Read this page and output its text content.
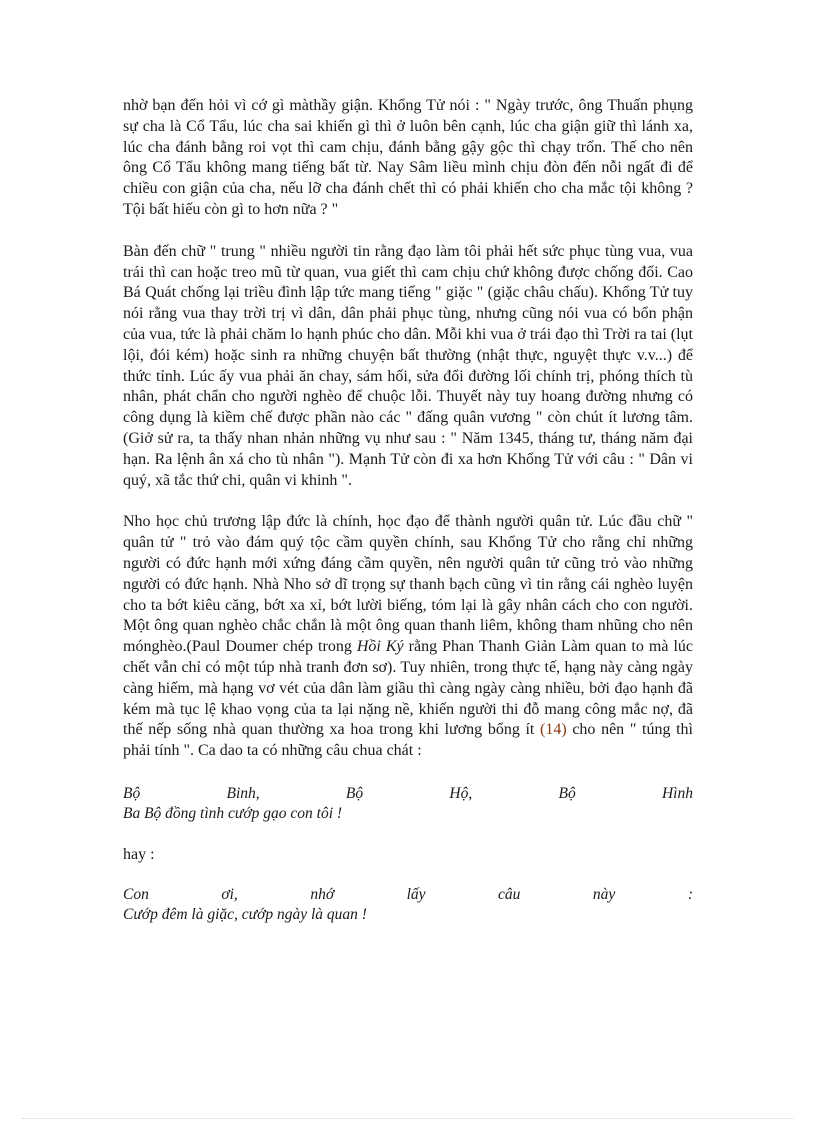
nhờ bạn đến hỏi vì cớ gì màthầy giận. Khổng Tử nói : " Ngày trước, ông Thuấn phụng sự cha là Cổ Tẩu, lúc cha sai khiến gì thì ở luôn bên cạnh, lúc cha giận giữ thì lánh xa, lúc cha đánh bằng roi vọt thì cam chịu, đánh bằng gậy gộc thì chạy trốn. Thế cho nên ông Cổ Tẩu không mang tiếng bất từ. Nay Sâm liều mình chịu đòn đến nỗi ngất đi để chiều con giận của cha, nếu lỡ cha đánh chết thì có phải khiến cho cha mắc tội không ? Tội bất hiếu còn gì to hơn nữa ? "

Bàn đến chữ " trung " nhiều người tin rằng đạo làm tôi phải hết sức phục tùng vua, vua trái thì can hoặc treo mũ từ quan, vua giết thì cam chịu chứ không được chống đối. Cao Bá Quát chống lại triều đình lập tức mang tiếng " giặc " (giặc châu chấu). Khổng Tử tuy nói rằng vua thay trời trị vì dân, dân phải phục tùng, nhưng cũng nói vua có bổn phận của vua, tức là phải chăm lo hạnh phúc cho dân. Mỗi khi vua ở trái đạo thì Trời ra tai (lụt lội, đói kém) hoặc sinh ra những chuyện bất thường (nhật thực, nguyệt thực v.v...) để thức tỉnh. Lúc ấy vua phải ăn chay, sám hối, sửa đổi đường lối chính trị, phóng thích tù nhân, phát chẩn cho người nghèo để chuộc lỗi. Thuyết này tuy hoang đường nhưng có công dụng là kiềm chế được phần nào các " đấng quân vương " còn chút ít lương tâm. (Giở sử ra, ta thấy nhan nhản những vụ như sau : " Năm 1345, tháng tư, tháng năm đại hạn. Ra lệnh ân xá cho tù nhân "). Mạnh Tử còn đi xa hơn Khổng Tử với câu : " Dân vi quý, xã tắc thứ chi, quân vi khinh ".

Nho học chủ trương lập đức là chính, học đạo để thành người quân tử. Lúc đầu chữ " quân tử " trỏ vào đám quý tộc cầm quyền chính, sau Khổng Tử cho rằng chỉ những người có đức hạnh mới xứng đáng cầm quyền, nên người quân tử cũng trỏ vào những người có đức hạnh. Nhà Nho sở dĩ trọng sự thanh bạch cũng vì tin rằng cái nghèo luyện cho ta bớt kiêu căng, bớt xa xỉ, bớt lười biếng, tóm lại là gây nhân cách cho con người. Một ông quan nghèo chắc chắn là một ông quan thanh liêm, không tham nhũng cho nên mónghèo.(Paul Doumer chép trong Hồi Ký rằng Phan Thanh Giản Làm quan to mà lúc chết vẫn chỉ có một túp nhà tranh đơn sơ). Tuy nhiên, trong thực tế, hạng này càng ngày càng hiếm, mà hạng vơ vét của dân làm giầu thì càng ngày càng nhiều, bởi đạo hạnh đã kém mà tục lệ khao vọng của ta lại nặng nề, khiến người thi đỗ mang công mắc nợ, đã thế nếp sống nhà quan thường xa hoa trong khi lương bổng ít (14) cho nên " túng thì phải tính ". Ca dao ta có những câu chua chát :

Bộ	Binh,	Bộ	Hộ,	Bộ	Hình
Ba Bộ đồng tình cướp gạo con tôi !

hay :

Con	ơi,	nhớ	lấy	câu	này	:
Cướp đêm là giặc, cướp ngày là quan !
